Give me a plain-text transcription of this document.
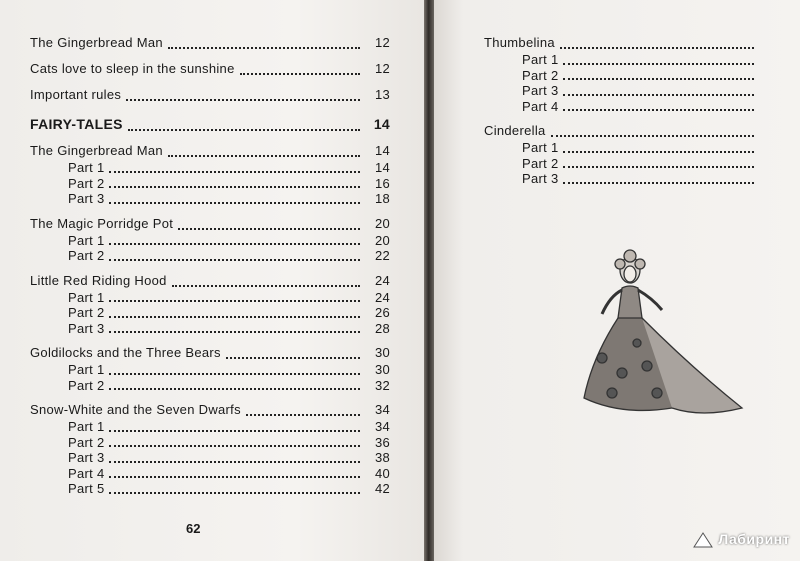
The Gingerbread Man	12
Cats love to sleep in the sunshine	12
Important rules	13
FAIRY-TALES	14
The Gingerbread Man	14
Part 1	14
Part 2	16
Part 3	18
The Magic Porridge Pot	20
Part 1	20
Part 2	22
Little Red Riding Hood	24
Part 1	24
Part 2	26
Part 3	28
Goldilocks and the Three Bears	30
Part 1	30
Part 2	32
Snow-White and the Seven Dwarfs	34
Part 1	34
Part 2	36
Part 3	38
Part 4	40
Part 5	42
62
Thumbelina
Part 1
Part 2
Part 3
Part 4
Cinderella
Part 1
Part 2
Part 3
Лабиринт
